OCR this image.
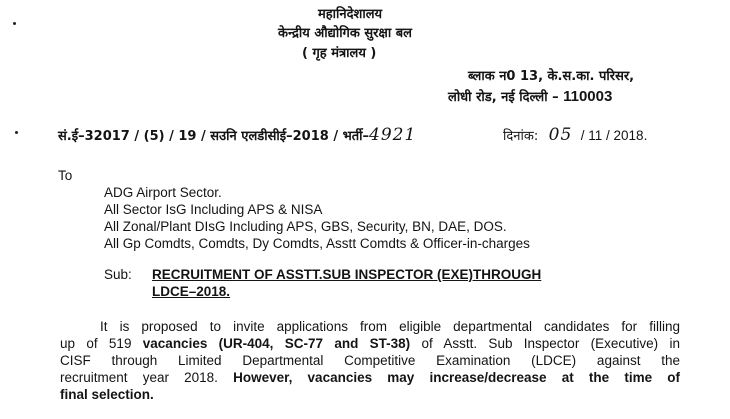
महानिदेशालय
केन्द्रीय औद्योगिक सुरक्षा बल
( गृह मंत्रालय )
ब्लाक न0 13, के.स.का. परिसर,
लोधी रोड, नई दिल्ली – 110003
सं.ई–32017 / (5) / 19 / सउनि एलडीसीई–2018 / भर्ती–4921	दिनांक: 05 / 11 / 2018.
To
ADG Airport Sector.
All Sector IsG Including APS & NISA
All Zonal/Plant DIsG Including APS, GBS, Security, BN, DAE, DOS.
All Gp Comdts, Comdts, Dy Comdts, Asstt Comdts & Officer-in-charges
Sub: RECRUITMENT OF ASSTT.SUB INSPECTOR (EXE)THROUGH
LDCE–2018.
It is proposed to invite applications from eligible departmental candidates for filling
up of 519 vacancies (UR-404, SC-77 and ST-38) of Asstt. Sub Inspector (Executive) in
CISF through Limited Departmental Competitive Examination (LDCE) against the
recruitment year 2018. However, vacancies may increase/decrease at the time of
final selection.
